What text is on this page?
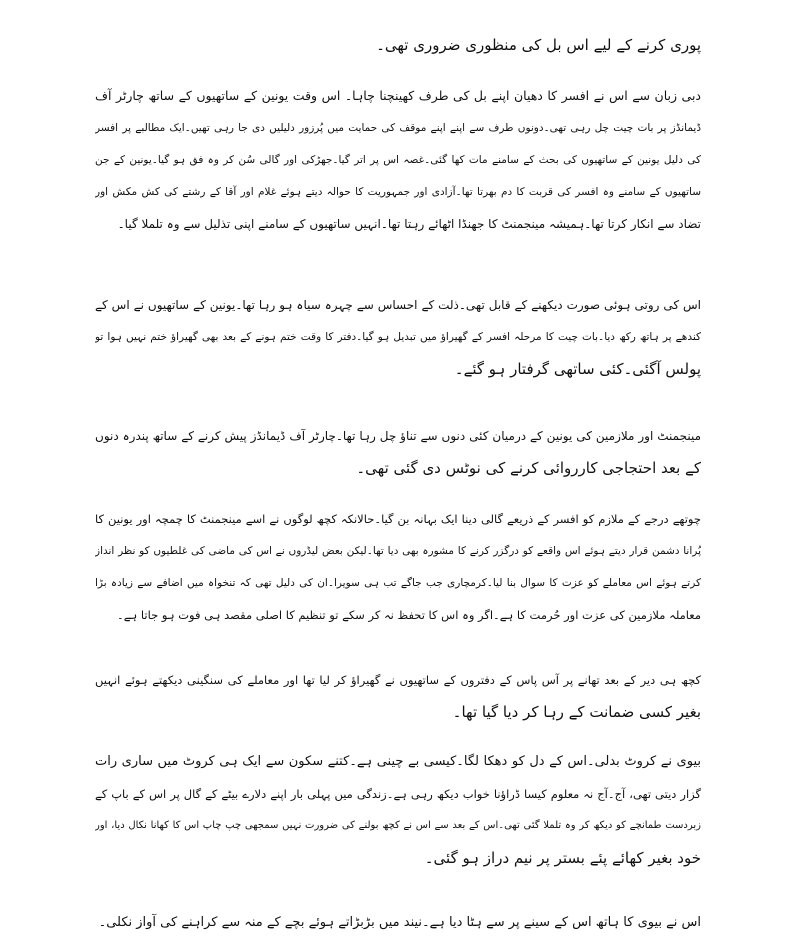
پوری کرنے کے لیے اس بل کی منظوری ضروری تھی۔
دبی زبان سے اس نے افسر کا دھیان اپنے بل کی طرف کھینچنا چاہا۔ اس وقت یونین کے ساتھیوں کے ساتھ چارٹر آف
ڈیمانڈز پر بات چیت چل رہی تھی۔دونوں طرف سے اپنے اپنے موقف کی حمایت میں پُرزور دلیلیں دی جا رہی تھیں۔ایک مطالبے پر افسر
کی دلیل یونین کے ساتھیوں کی بحث کے سامنے مات کھا گئی۔غصہ اس پر اتر گیا۔جھڑکی اور گالی سُن کر وہ فق ہو گیا۔یونین کے جن
ساتھیوں کے سامنے وہ افسر کی قربت کا دم بھرتا تھا۔آزادی اور جمہوریت کا حوالہ دیتے ہوئے غلام اور آقا کے رشتے کی کش مکش اور
تضاد سے انکار کرتا تھا۔ہمیشہ مینجمنٹ کا جھنڈا اٹھائے رہتا تھا۔انہیں ساتھیوں کے سامنے اپنی تذلیل سے وہ تلملا گیا۔
اس کی روتی ہوئی صورت دیکھنے کے قابل تھی۔ذلت کے احساس سے چہرہ سیاہ ہو رہا تھا۔یونین کے ساتھیوں نے اس کے
کندھے پر ہاتھ رکھ دیا۔بات چیت کا مرحلہ افسر کے گھیراؤ میں تبدیل ہو گیا۔دفتر کا وقت ختم ہونے کے بعد بھی گھیراؤ ختم نہیں ہوا تو
پولس آگئی۔کئی ساتھی گرفتار ہو گئے۔
مینجمنٹ اور ملازمین کی یونین کے درمیان کئی دنوں سے تناؤ چل رہا تھا۔چارٹر آف ڈیمانڈز پیش کرنے کے ساتھ پندرہ دنوں
کے بعد احتجاجی کارروائی کرنے کی نوٹس دی گئی تھی۔
چوتھے درجے کے ملازم کو افسر کے ذریعے گالی دینا ایک بہانہ بن گیا۔حالانکہ کچھ لوگوں نے اسے مینجمنٹ کا چمچہ اور یونین کا
پُرانا دشمن قرار دیتے ہوئے اس واقعے کو درگزر کرنے کا مشورہ بھی دیا تھا۔لیکن بعض لیڈروں نے اس کی ماضی کی غلطیوں کو نظر انداز
کرتے ہوئے اس معاملے کو عزت کا سوال بنا لیا۔کرمچاری جب جاگے تب ہی سویرا۔ان کی دلیل تھی کہ تنخواہ میں اضافے سے زیادہ بڑا
معاملہ ملازمین کی عزت اور حُرمت کا ہے۔اگر وہ اس کا تحفظ نہ کر سکے تو تنظیم کا اصلی مقصد ہی فوت ہو جاتا ہے۔
کچھ ہی دیر کے بعد تھانے پر آس پاس کے دفتروں کے ساتھیوں نے گھیراؤ کر لیا تھا اور معاملے کی سنگینی دیکھتے ہوئے انہیں
بغیر کسی ضمانت کے رہا کر دیا گیا تھا۔
بیوی نے کروٹ بدلی۔اس کے دل کو دھکا لگا۔کیسی بے چینی ہے۔کتنے سکون سے ایک ہی کروٹ میں ساری رات
گزار دیتی تھی، آج۔آج نہ معلوم کیسا ڈراؤنا خواب دیکھ رہی ہے۔زندگی میں پہلی بار اپنے دلارے بیٹے کے گال پر اس کے باپ کے
زبردست طمانچے کو دیکھ کر وہ تلملا گئی تھی۔اس کے بعد سے اس نے کچھ بولنے کی ضرورت نہیں سمجھی چپ چاپ اس کا کھانا نکال دیا، اور
خود بغیر کھائے پئے بستر پر نیم دراز ہو گئی۔
اس نے بیوی کا ہاتھ اس کے سینے پر سے ہٹا دیا ہے۔نیند میں بڑبڑاتے ہوئے بچے کے منہ سے کراہنے کی آواز نکلی۔
